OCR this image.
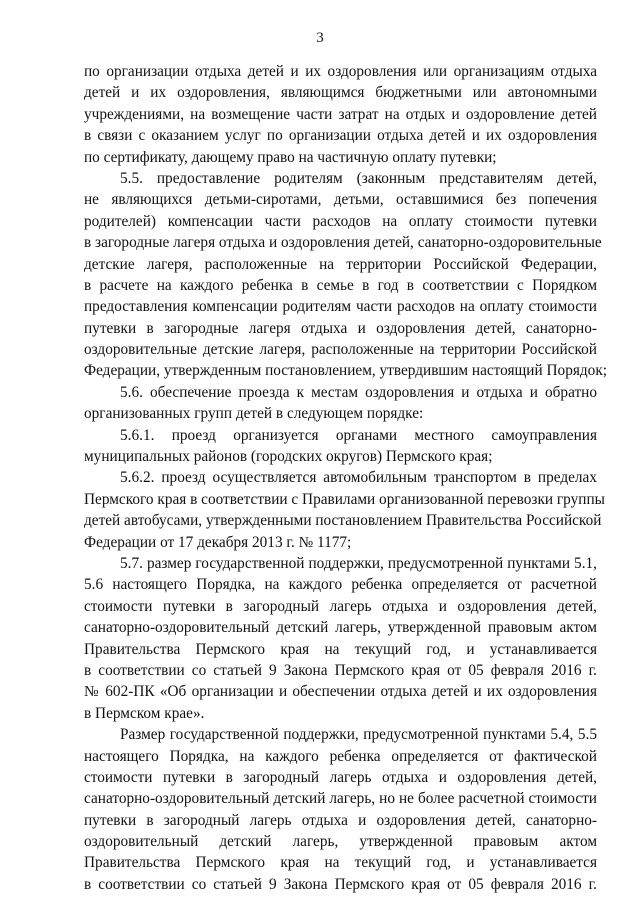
3
по организации отдыха детей и их оздоровления или организациям отдыха
детей и их оздоровления, являющимся бюджетными или автономными
учреждениями, на возмещение части затрат на отдых и оздоровление детей
в связи с оказанием услуг по организации отдыха детей и их оздоровления
по сертификату, дающему право на частичную оплату путевки;
5.5. предоставление родителям (законным представителям детей,
не являющихся детьми-сиротами, детьми, оставшимися без попечения
родителей) компенсации части расходов на оплату стоимости путевки
в загородные лагеря отдыха и оздоровления детей, санаторно-оздоровительные
детские лагеря, расположенные на территории Российской Федерации,
в расчете на каждого ребенка в семье в год в соответствии с Порядком
предоставления компенсации родителям части расходов на оплату стоимости
путевки в загородные лагеря отдыха и оздоровления детей, санаторно-
оздоровительные детские лагеря, расположенные на территории Российской
Федерации, утвержденным постановлением, утвердившим настоящий Порядок;
5.6. обеспечение проезда к местам оздоровления и отдыха и обратно
организованных групп детей в следующем порядке:
5.6.1. проезд организуется органами местного самоуправления
муниципальных районов (городских округов) Пермского края;
5.6.2. проезд осуществляется автомобильным транспортом в пределах
Пермского края в соответствии с Правилами организованной перевозки группы
детей автобусами, утвержденными постановлением Правительства Российской
Федерации от 17 декабря 2013 г. № 1177;
5.7. размер государственной поддержки, предусмотренной пунктами 5.1,
5.6 настоящего Порядка, на каждого ребенка определяется от расчетной
стоимости путевки в загородный лагерь отдыха и оздоровления детей,
санаторно-оздоровительный детский лагерь, утвержденной правовым актом
Правительства Пермского края на текущий год, и устанавливается
в соответствии со статьей 9 Закона Пермского края от 05 февраля 2016 г.
№ 602-ПК «Об организации и обеспечении отдыха детей и их оздоровления
в Пермском крае».
Размер государственной поддержки, предусмотренной пунктами 5.4, 5.5
настоящего Порядка, на каждого ребенка определяется от фактической
стоимости путевки в загородный лагерь отдыха и оздоровления детей,
санаторно-оздоровительный детский лагерь, но не более расчетной стоимости
путевки в загородный лагерь отдыха и оздоровления детей, санаторно-
оздоровительный детский лагерь, утвержденной правовым актом
Правительства Пермского края на текущий год, и устанавливается
в соответствии со статьей 9 Закона Пермского края от 05 февраля 2016 г.
